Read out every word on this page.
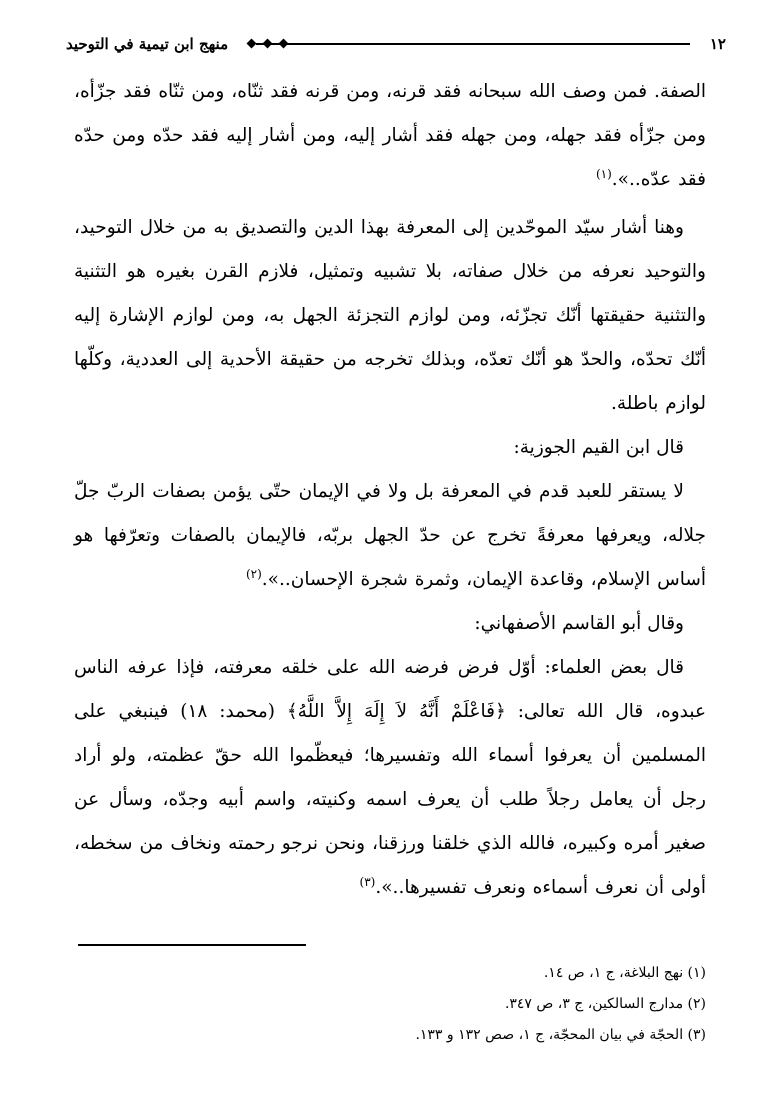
١٢
منهج ابن تيمية في التوحيد

الصفة. فمن وصف الله سبحانه فقد قرنه، ومن قرنه فقد ثنّاه، ومن ثنّاه فقد جزّأه، ومن جزّأه فقد جهله، ومن جهله فقد أشار إليه، ومن أشار إليه فقد حدّه ومن حدّه فقد عدّه..».$^{(١)}$

وهنا أشار سيّد الموحّدين إلى المعرفة بهذا الدين والتصديق به من خلال التوحيد، والتوحيد نعرفه من خلال صفاته، بلا تشبيه وتمثيل، فلازم القرن بغيره هو التثنية والتثنية حقيقتها أنّك تجزّئه، ومن لوازم التجزئة الجهل به، ومن لوازم الإشارة إليه أنّك تحدّه، والحدّ هو أنّك تعدّه، وبذلك تخرجه من حقيقة الأحدية إلى العددية، وكلّها لوازم باطلة.

قال ابن القيم الجوزية:

لا يستقر للعبد قدم في المعرفة بل ولا في الإيمان حتّى يؤمن بصفات الربّ جلّ جلاله، ويعرفها معرفةً تخرج عن حدّ الجهل بربّه، فالإيمان بالصفات وتعرّفها هو أساس الإسلام، وقاعدة الإيمان، وثمرة شجرة الإحسان..».$^{(٢)}$

وقال أبو القاسم الأصفهاني:

قال بعض العلماء: أوّل فرض فرضه الله على خلقه معرفته، فإذا عرفه الناس عبدوه، قال الله تعالى: ﴿فَاعْلَمْ أَنَّهُ لاَ إِلَهَ إِلاَّ اللَّهُ﴾ (محمد: ١٨) فينبغي على المسلمين أن يعرفوا أسماء الله وتفسيرها؛ فيعظّموا الله حقّ عظمته، ولو أراد رجل أن يعامل رجلاً طلب أن يعرف اسمه وكنيته، واسم أبيه وجدّه، وسأل عن صغير أمره وكبيره، فالله الذي خلقنا ورزقنا، ونحن نرجو رحمته ونخاف من سخطه، أولى أن نعرف أسماءه ونعرف تفسيرها..».$^{(٣)}$

(١) نهج البلاغة، ج ١، ص ١٤.

(٢) مدارج السالكين، ج ٣، ص ٣٤٧.

(٣) الحجّة في بيان المحجّة، ج ١، صص ١٣٢ و ١٣٣.
